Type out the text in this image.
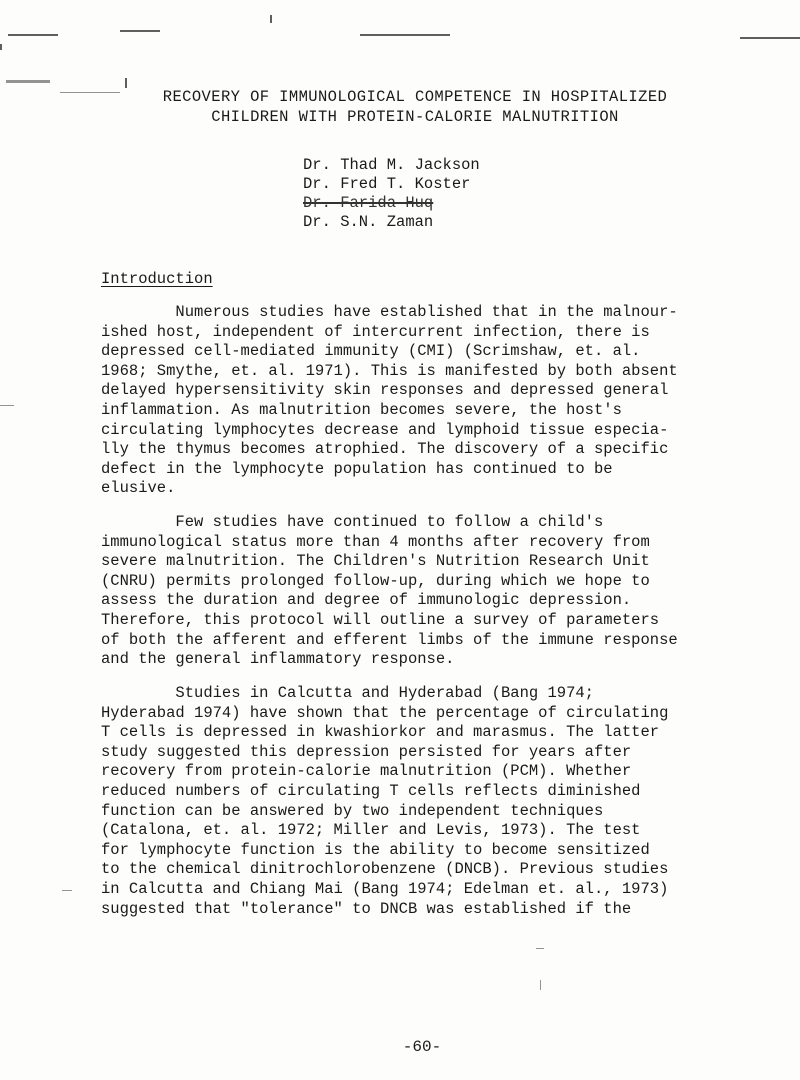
RECOVERY OF IMMUNOLOGICAL COMPETENCE IN HOSPITALIZED
CHILDREN WITH PROTEIN-CALORIE MALNUTRITION
Dr. Thad M. Jackson
Dr. Fred T. Koster
Dr. Farida Huq
Dr. S.N. Zaman
Introduction

Numerous studies have established that in the malnour-
ished host, independent of intercurrent infection, there is
depressed cell-mediated immunity (CMI) (Scrimshaw, et. al.
1968; Smythe, et. al. 1971). This is manifested by both absent
delayed hypersensitivity skin responses and depressed general
inflammation. As malnutrition becomes severe, the host's
circulating lymphocytes decrease and lymphoid tissue especia-
lly the thymus becomes atrophied. The discovery of a specific
defect in the lymphocyte population has continued to be
elusive.

Few studies have continued to follow a child's
immunological status more than 4 months after recovery from
severe malnutrition. The Children's Nutrition Research Unit
(CNRU) permits prolonged follow-up, during which we hope to
assess the duration and degree of immunologic depression.
Therefore, this protocol will outline a survey of parameters
of both the afferent and efferent limbs of the immune response
and the general inflammatory response.

Studies in Calcutta and Hyderabad (Bang 1974;
Hyderabad 1974) have shown that the percentage of circulating
T cells is depressed in kwashiorkor and marasmus. The latter
study suggested this depression persisted for years after
recovery from protein-calorie malnutrition (PCM). Whether
reduced numbers of circulating T cells reflects diminished
function can be answered by two independent techniques
(Catalona, et. al. 1972; Miller and Levis, 1973). The test
for lymphocyte function is the ability to become sensitized
to the chemical dinitrochlorobenzene (DNCB). Previous studies
in Calcutta and Chiang Mai (Bang 1974; Edelman et. al., 1973)
suggested that "tolerance" to DNCB was established if the

-60-
